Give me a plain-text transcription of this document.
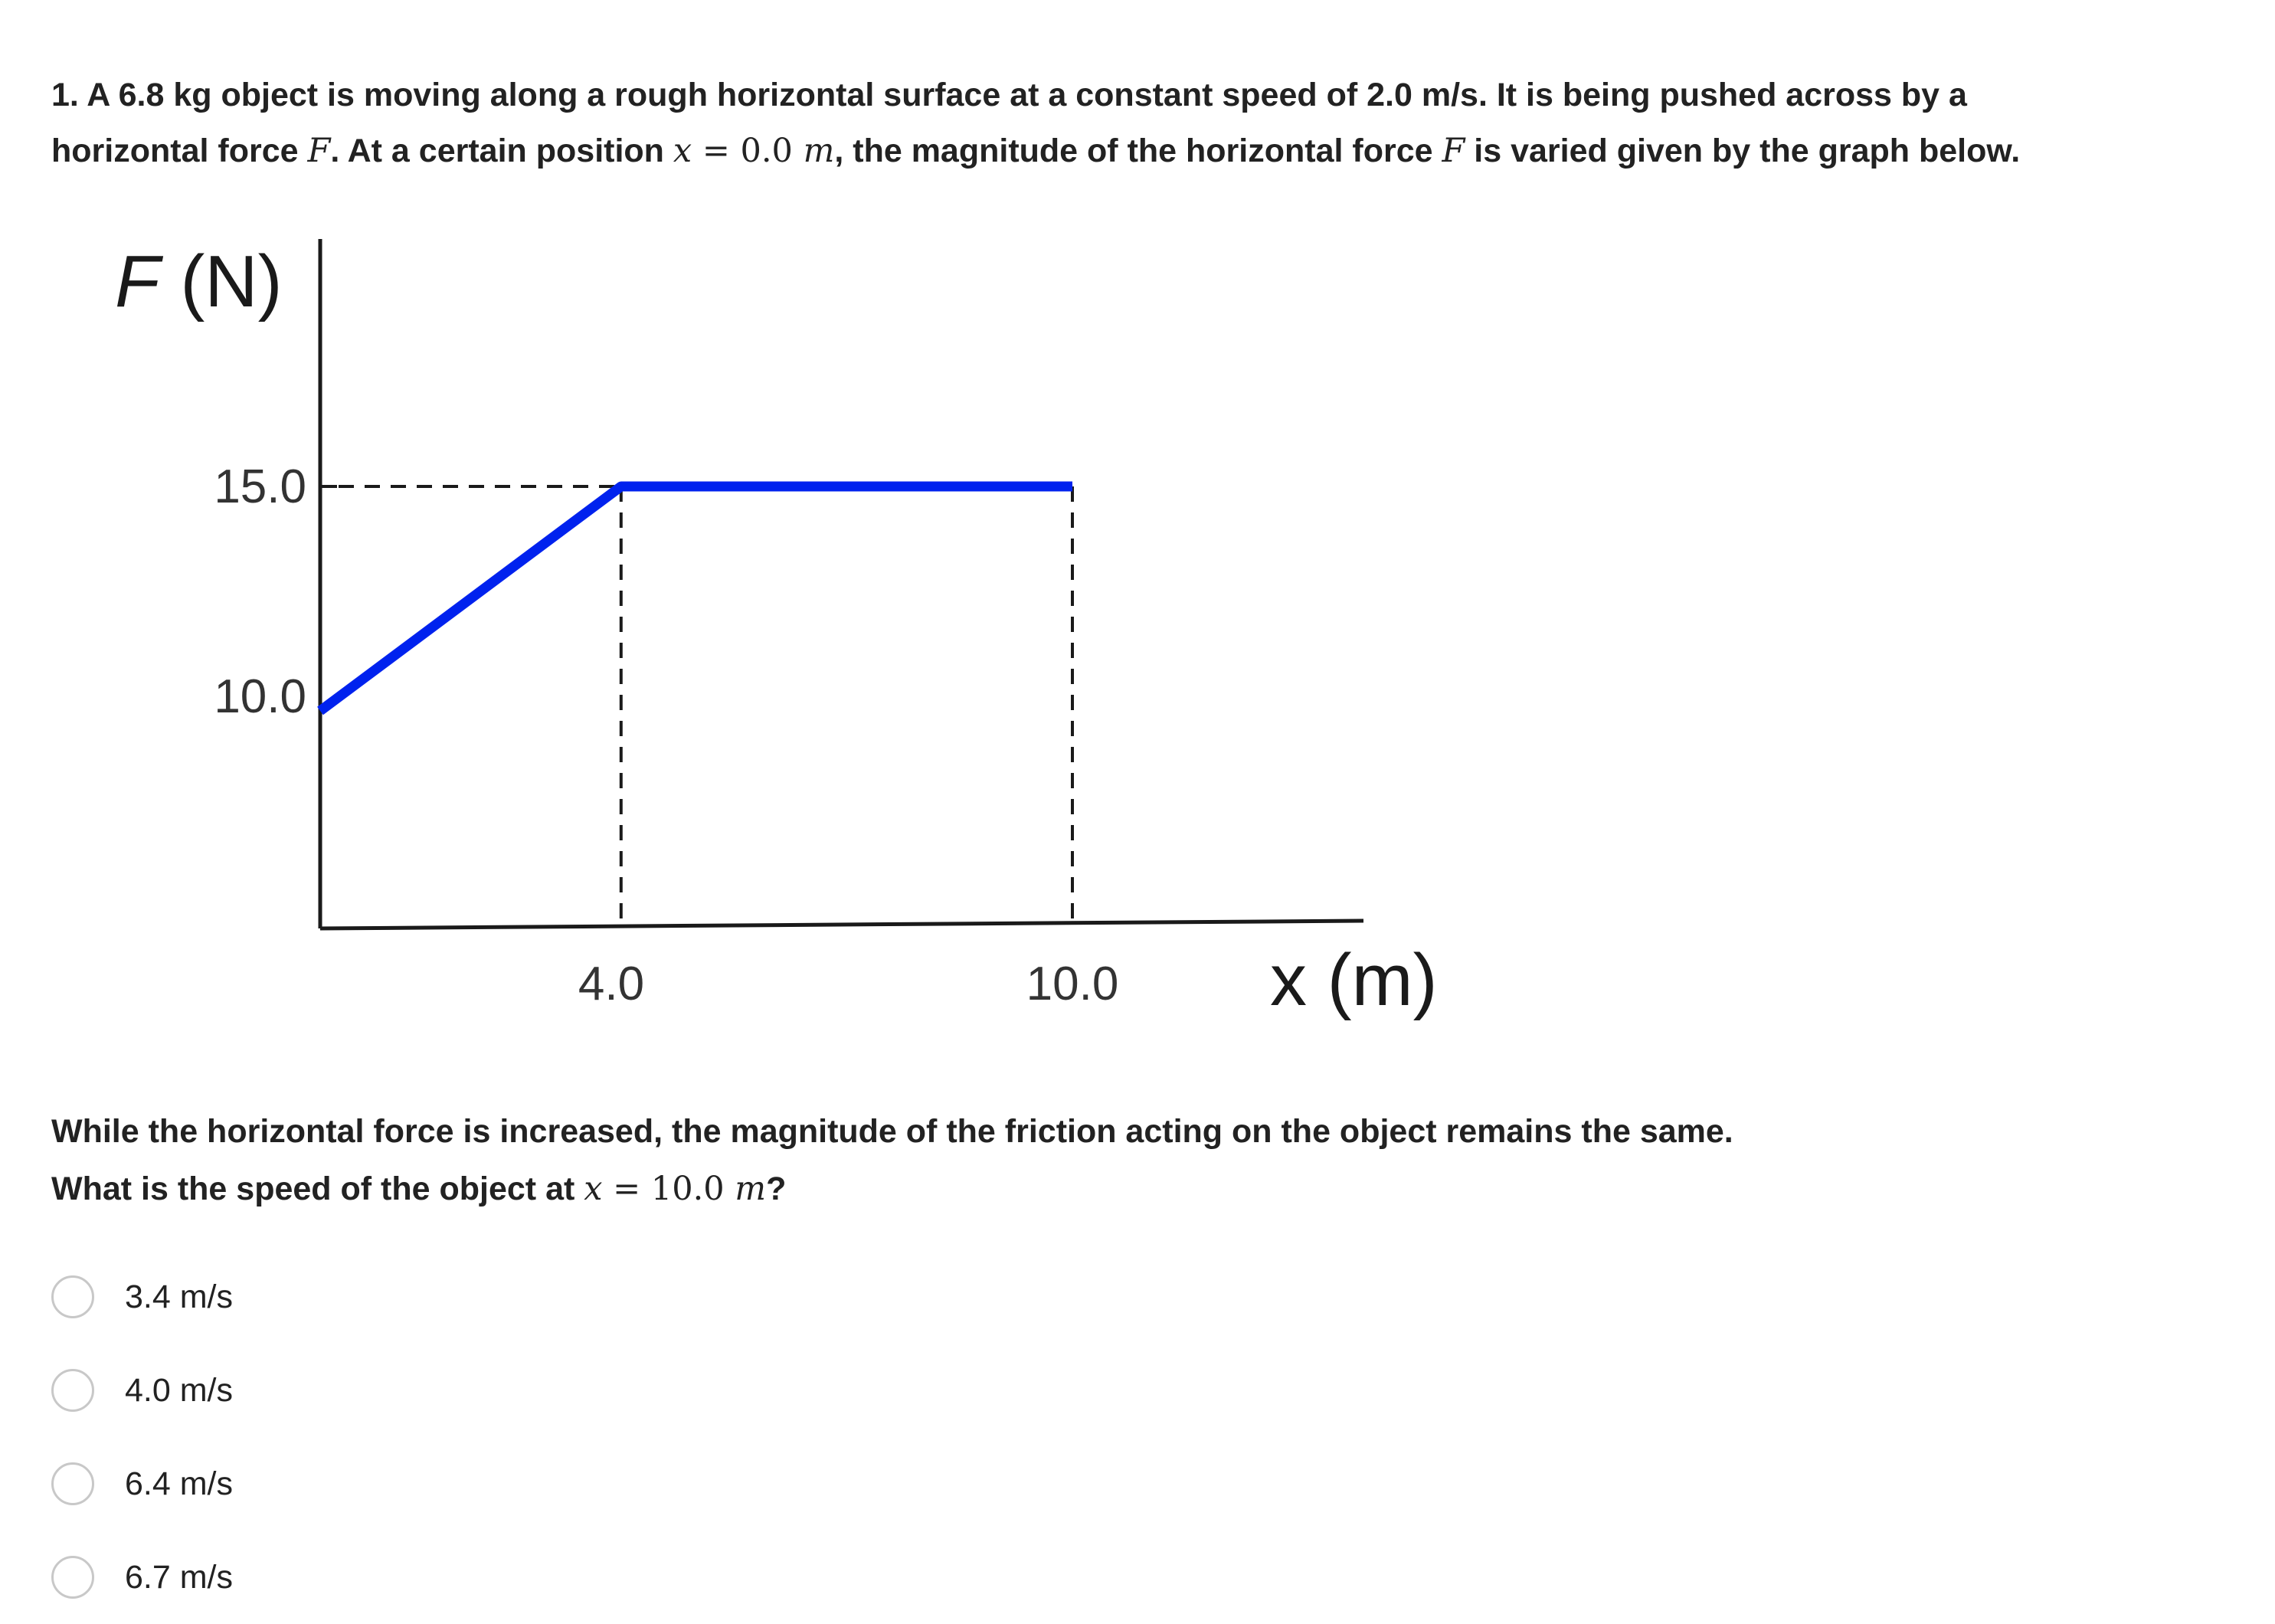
1. A 6.8 kg object is moving along a rough horizontal surface at a constant speed of 2.0 m/s. It is being pushed across by a
horizontal force F. At a certain position x = 0.0 m, the magnitude of the horizontal force F is varied given by the graph below.
F (N)
x (m)
15.0
10.0
4.0	10.0
While the horizontal force is increased, the magnitude of the friction acting on the object remains the same.
What is the speed of the object at x = 10.0 m?
3.4 m/s
4.0 m/s
6.4 m/s
6.7 m/s
